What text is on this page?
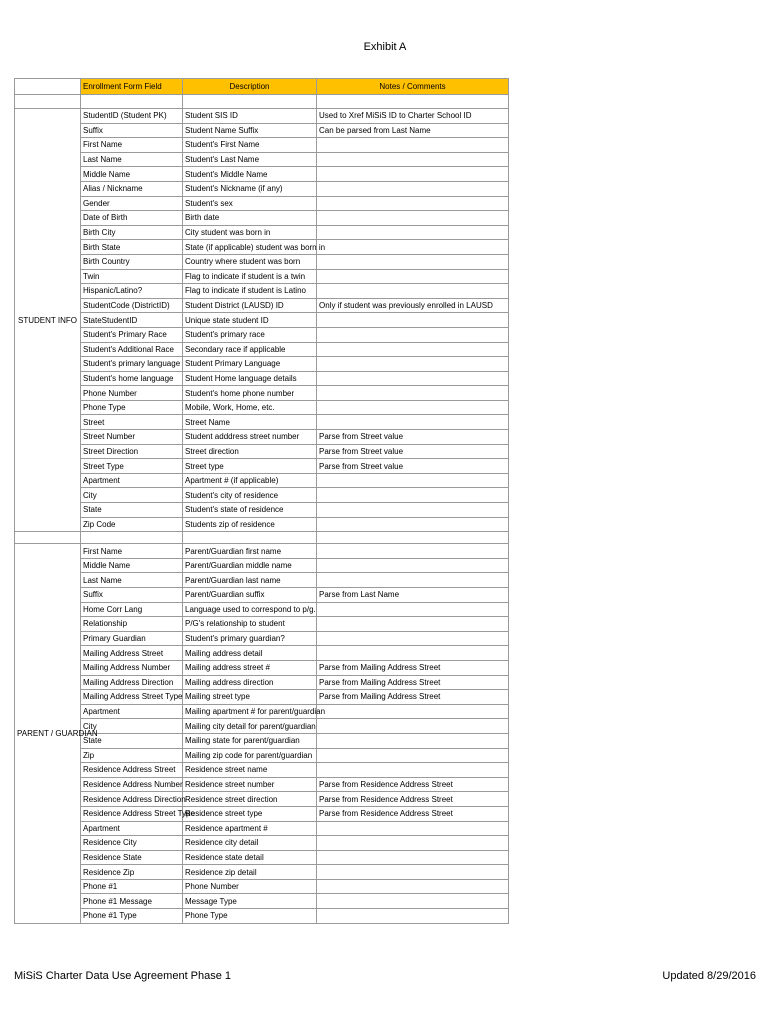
Exhibit A
	Enrollment Form Field	Description	Notes / Comments

STUDENT INFO	StudentID (Student PK)	Student SIS ID	Used to Xref MiSiS ID to Charter School ID
	Suffix	Student Name Suffix	Can be parsed from Last Name
	First Name	Student's First Name	
	Last Name	Student's Last Name	
	Middle Name	Student's Middle Name	
	Alias / Nickname	Student's Nickname (if any)	
	Gender	Student's sex	
	Date of Birth	Birth date	
	Birth City	City student was born in	
	Birth State	State (if applicable) student was born in	
	Birth Country	Country where student was born	
	Twin	Flag to indicate if student is a twin	
	Hispanic/Latino?	Flag to indicate if student is Latino	
	StudentCode (DistrictID)	Student District (LAUSD) ID	Only if student was previously enrolled in LAUSD
	StateStudentID	Unique state student ID	
	Student's Primary Race	Student's primary race	
	Student's Additional Race	Secondary race if applicable	
	Student's primary language	Student Primary Language	
	Student's home language	Student Home language details	
	Phone Number	Student's home phone number	
	Phone Type	Mobile, Work, Home, etc.	
	Street	Street Name	
	Street Number	Student adddress street number	Parse from Street value
	Street Direction	Street direction	Parse from Street value
	Street Type	Street type	Parse from Street value
	Apartment	Apartment # (if applicable)	
	City	Student's city of residence	
	State	Student's state of residence	
	Zip Code	Students zip of residence	

PARENT / GUARDIAN	First Name	Parent/Guardian first name	
	Middle Name	Parent/Guardian middle name	
	Last Name	Parent/Guardian last name	
	Suffix	Parent/Guardian suffix	Parse from Last Name
	Home Corr Lang	Language used to correspond to p/g.	
	Relationship	P/G's relationship to student	
	Primary Guardian	Student's primary guardian?	
	Mailing Address Street	Mailing address detail	
	Mailing Address Number	Mailing address street #	Parse from Mailing Address Street
	Mailing Address Direction	Mailing address direction	Parse from Mailing Address Street
	Mailing Address Street Type	Mailing street type	Parse from Mailing Address Street
	Apartment	Mailing apartment # for parent/guardian	
	City	Mailing city detail for parent/guardian	
	State	Mailing state for parent/guardian	
	Zip	Mailing zip code for parent/guardian	
	Residence Address Street	Residence street name	
	Residence Address Number	Residence street number	Parse from Residence Address Street
	Residence Address Direction	Residence street direction	Parse from Residence Address Street
	Residence Address Street Type	Residence street type	Parse from Residence Address Street
	Apartment	Residence apartment #	
	Residence City	Residence city detail	
	Residence State	Residence state detail	
	Residence Zip	Residence zip detail	
	Phone #1	Phone Number	
	Phone #1 Message	Message Type	
	Phone #1 Type	Phone Type	
MiSiS Charter Data Use Agreement Phase 1	Updated 8/29/2016
